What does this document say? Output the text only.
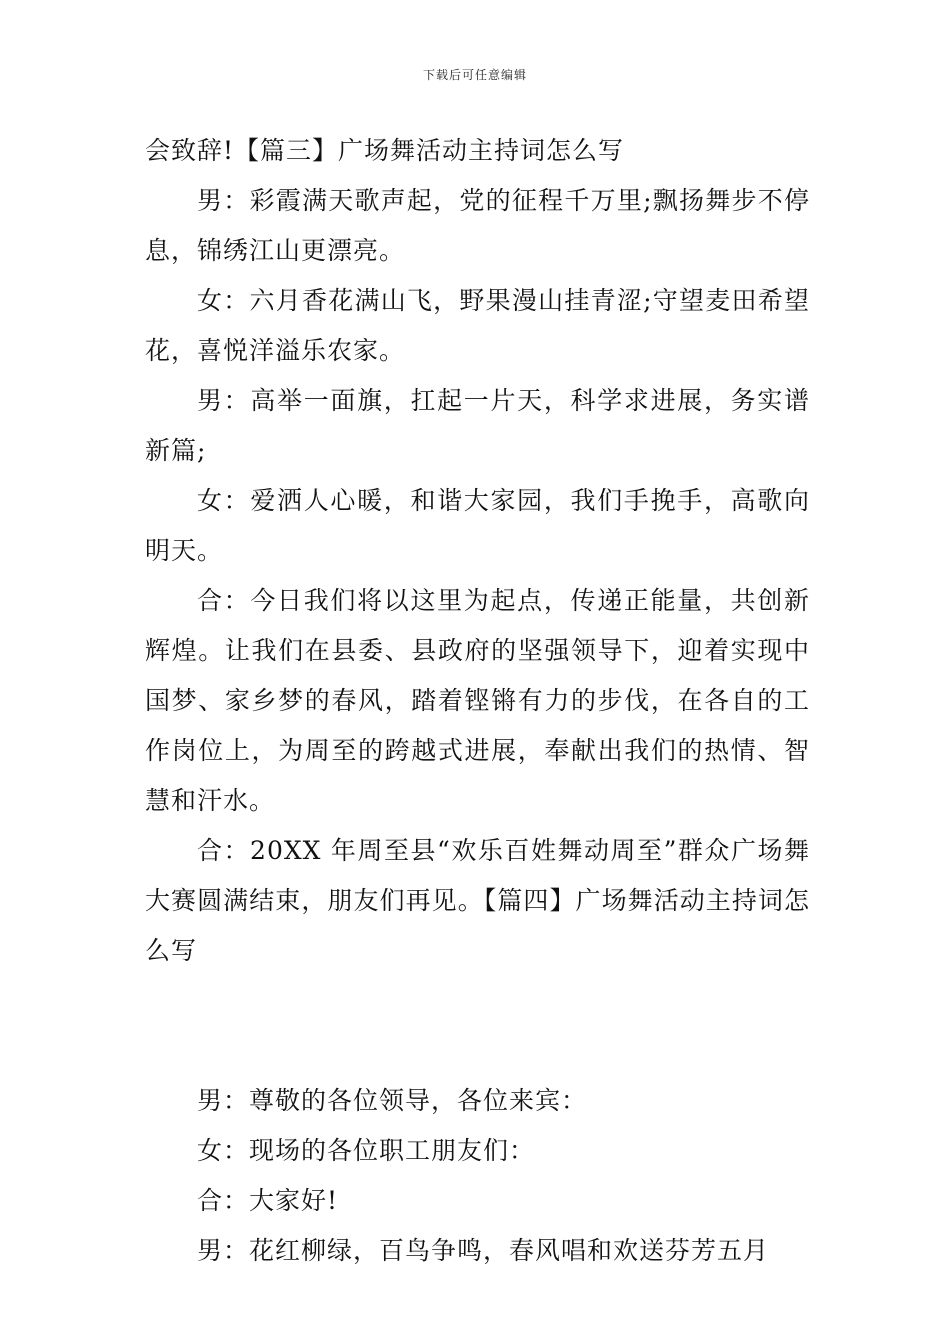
下载后可任意编辑

会致辞!【篇三】广场舞活动主持词怎么写

男：彩霞满天歌声起，党的征程千万里;飘扬舞步不停息，锦绣江山更漂亮。

女：六月香花满山飞，野果漫山挂青涩;守望麦田希望花，喜悦洋溢乐农家。

男：高举一面旗，扛起一片天，科学求进展，务实谱新篇;

女：爱洒人心暖，和谐大家园，我们手挽手，高歌向明天。

合：今日我们将以这里为起点，传递正能量，共创新辉煌。让我们在县委、县政府的坚强领导下，迎着实现中国梦、家乡梦的春风，踏着铿锵有力的步伐，在各自的工作岗位上，为周至的跨越式进展，奉献出我们的热情、智慧和汗水。

合：20XX 年周至县“欢乐百姓舞动周至”群众广场舞大赛圆满结束，朋友们再见。【篇四】广场舞活动主持词怎么写

男：尊敬的各位领导，各位来宾：

女：现场的各位职工朋友们：

合：大家好!

男：花红柳绿，百鸟争鸣，春风唱和欢送芬芳五月
